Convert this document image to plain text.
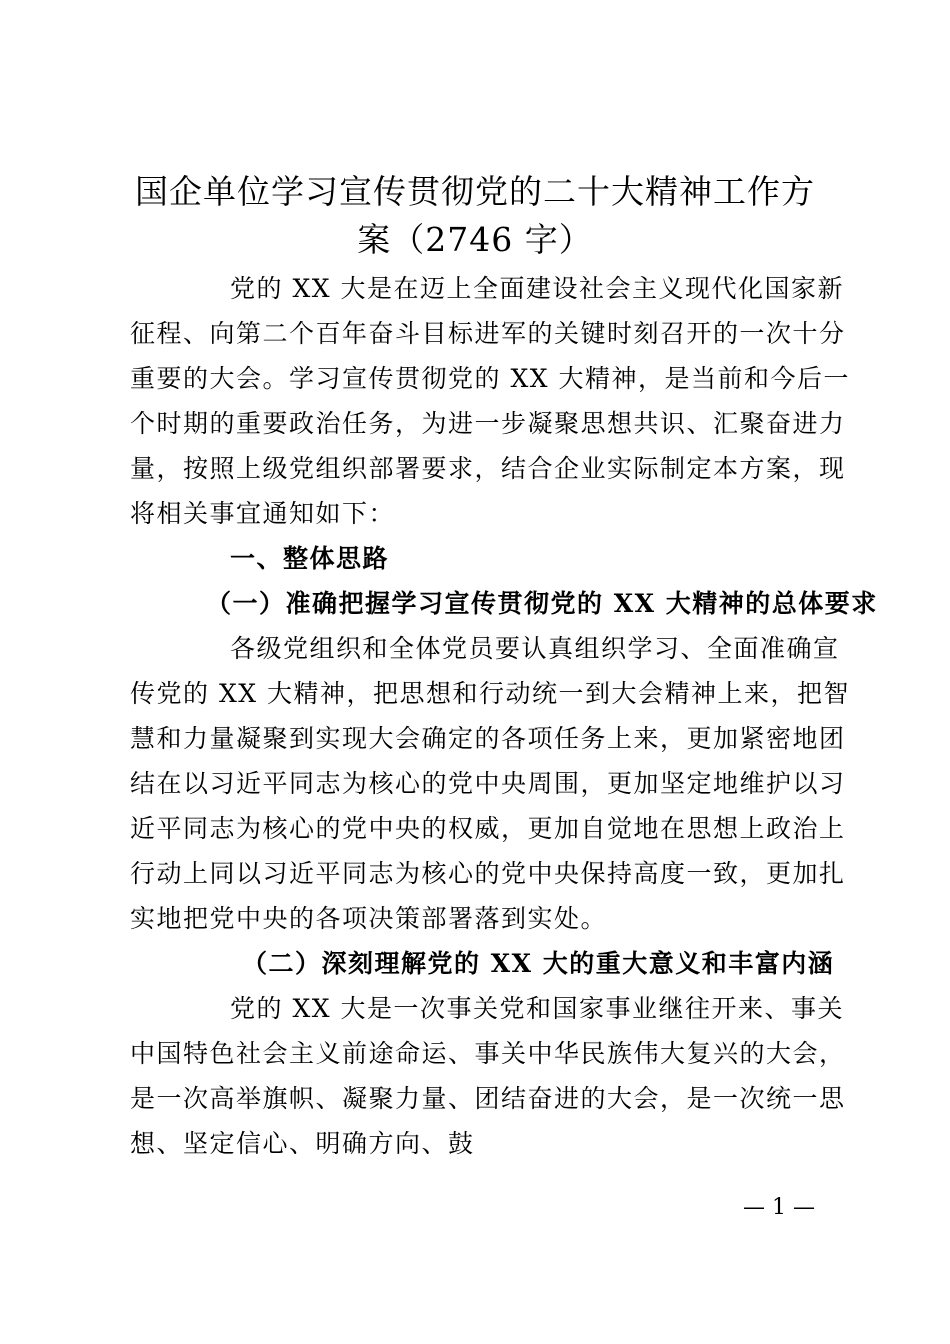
国企单位学习宣传贯彻党的二十大精神工作方
案（2746 字）
党的 XX 大是在迈上全面建设社会主义现代化国家新
征程、向第二个百年奋斗目标进军的关键时刻召开的一次十分
重要的大会。学习宣传贯彻党的 XX 大精神，是当前和今后一
个时期的重要政治任务，为进一步凝聚思想共识、汇聚奋进力
量，按照上级党组织部署要求，结合企业实际制定本方案，现
将相关事宜通知如下：
一、整体思路
（一）准确把握学习宣传贯彻党的 XX 大精神的总体要求
各级党组织和全体党员要认真组织学习、全面准确宣
传党的 XX 大精神，把思想和行动统一到大会精神上来，把智
慧和力量凝聚到实现大会确定的各项任务上来，更加紧密地团
结在以习近平同志为核心的党中央周围，更加坚定地维护以习
近平同志为核心的党中央的权威，更加自觉地在思想上政治上
行动上同以习近平同志为核心的党中央保持高度一致，更加扎
实地把党中央的各项决策部署落到实处。
（二）深刻理解党的 XX 大的重大意义和丰富内涵
党的 XX 大是一次事关党和国家事业继往开来、事关
中国特色社会主义前途命运、事关中华民族伟大复兴的大会，
是一次高举旗帜、凝聚力量、团结奋进的大会，是一次统一思
想、坚定信心、明确方向、鼓
— 1 —
